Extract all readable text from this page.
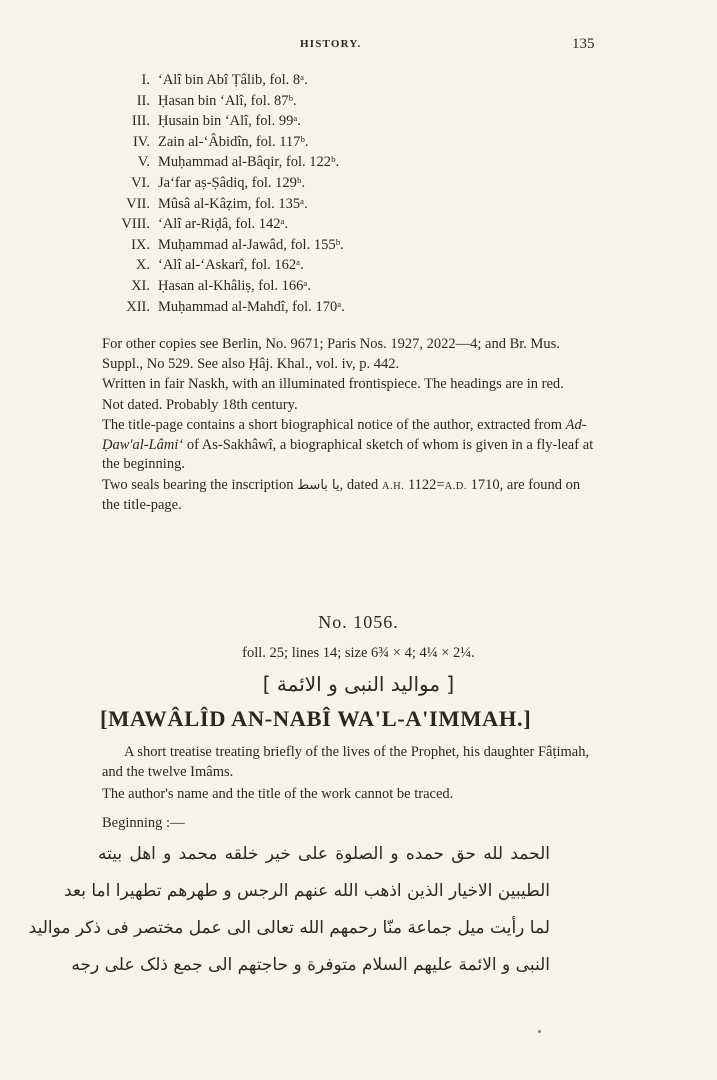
HISTORY.	135
I. ‘Alî bin Abî Ṭâlib, fol. 8ᵃ.
II. Ḥasan bin ‘Alî, fol. 87ᵇ.
III. Ḥusain bin ‘Alî, fol. 99ᵃ.
IV. Zain al-‘Âbidîn, fol. 117ᵇ.
V. Muḥammad al-Bâqir, fol. 122ᵇ.
VI. Ja‘far aṣ-Ṣâdiq, fol. 129ᵇ.
VII. Mûsâ al-Kâẓim, fol. 135ᵃ.
VIII. ‘Alî ar-Riḍâ, fol. 142ᵃ.
IX. Muḥammad al-Jawâd, fol. 155ᵇ.
X. ‘Alî al-‘Askarî, fol. 162ᵃ.
XI. Ḥasan al-Khâliṣ, fol. 166ᵃ.
XII. Muḥammad al-Mahdî, fol. 170ᵃ.

For other copies see Berlin, No. 9671; Paris Nos. 1927, 2022—4; and Br. Mus. Suppl., No 529. See also Ḥâj. Khal., vol. iv, p. 442.

Written in fair Naskh, with an illuminated frontispiece. The headings are in red.

Not dated. Probably 18th century.

The title-page contains a short biographical notice of the author, extracted from Ad-Ḍaw'al-Lâmi‘ of As-Sakhâwî, a biographical sketch of whom is given in a fly-leaf at the beginning.

Two seals bearing the inscription يا باسط, dated A.H. 1122=A.D. 1710, are found on the title-page.

No. 1056.
foll. 25; lines 14; size 6¾ × 4; 4¼ × 2¼.
[ موالید النبی و الائمة ]
[MAWÂLÎD AN-NABÎ WA'L-A'IMMAH.]

A short treatise treating briefly of the lives of the Prophet, his daughter Fâṭimah, and the twelve Imâms.

The author's name and the title of the work cannot be traced.

Beginning :—
الحمد لله حق حمده و الصلوة علی خیر خلقه محمد و اهل بیته
الطیبین الاخیار الذین اذهب الله عنهم الرجس و طهرهم تطهیرا اما بعد
لما رأیت میل جماعة منّا رحمهم الله تعالی الی عمل مختصر فی ذکر موالید
النبی و الائمة علیهم السلام متوفرة و حاجتهم الی جمع ذلک علی رجه
